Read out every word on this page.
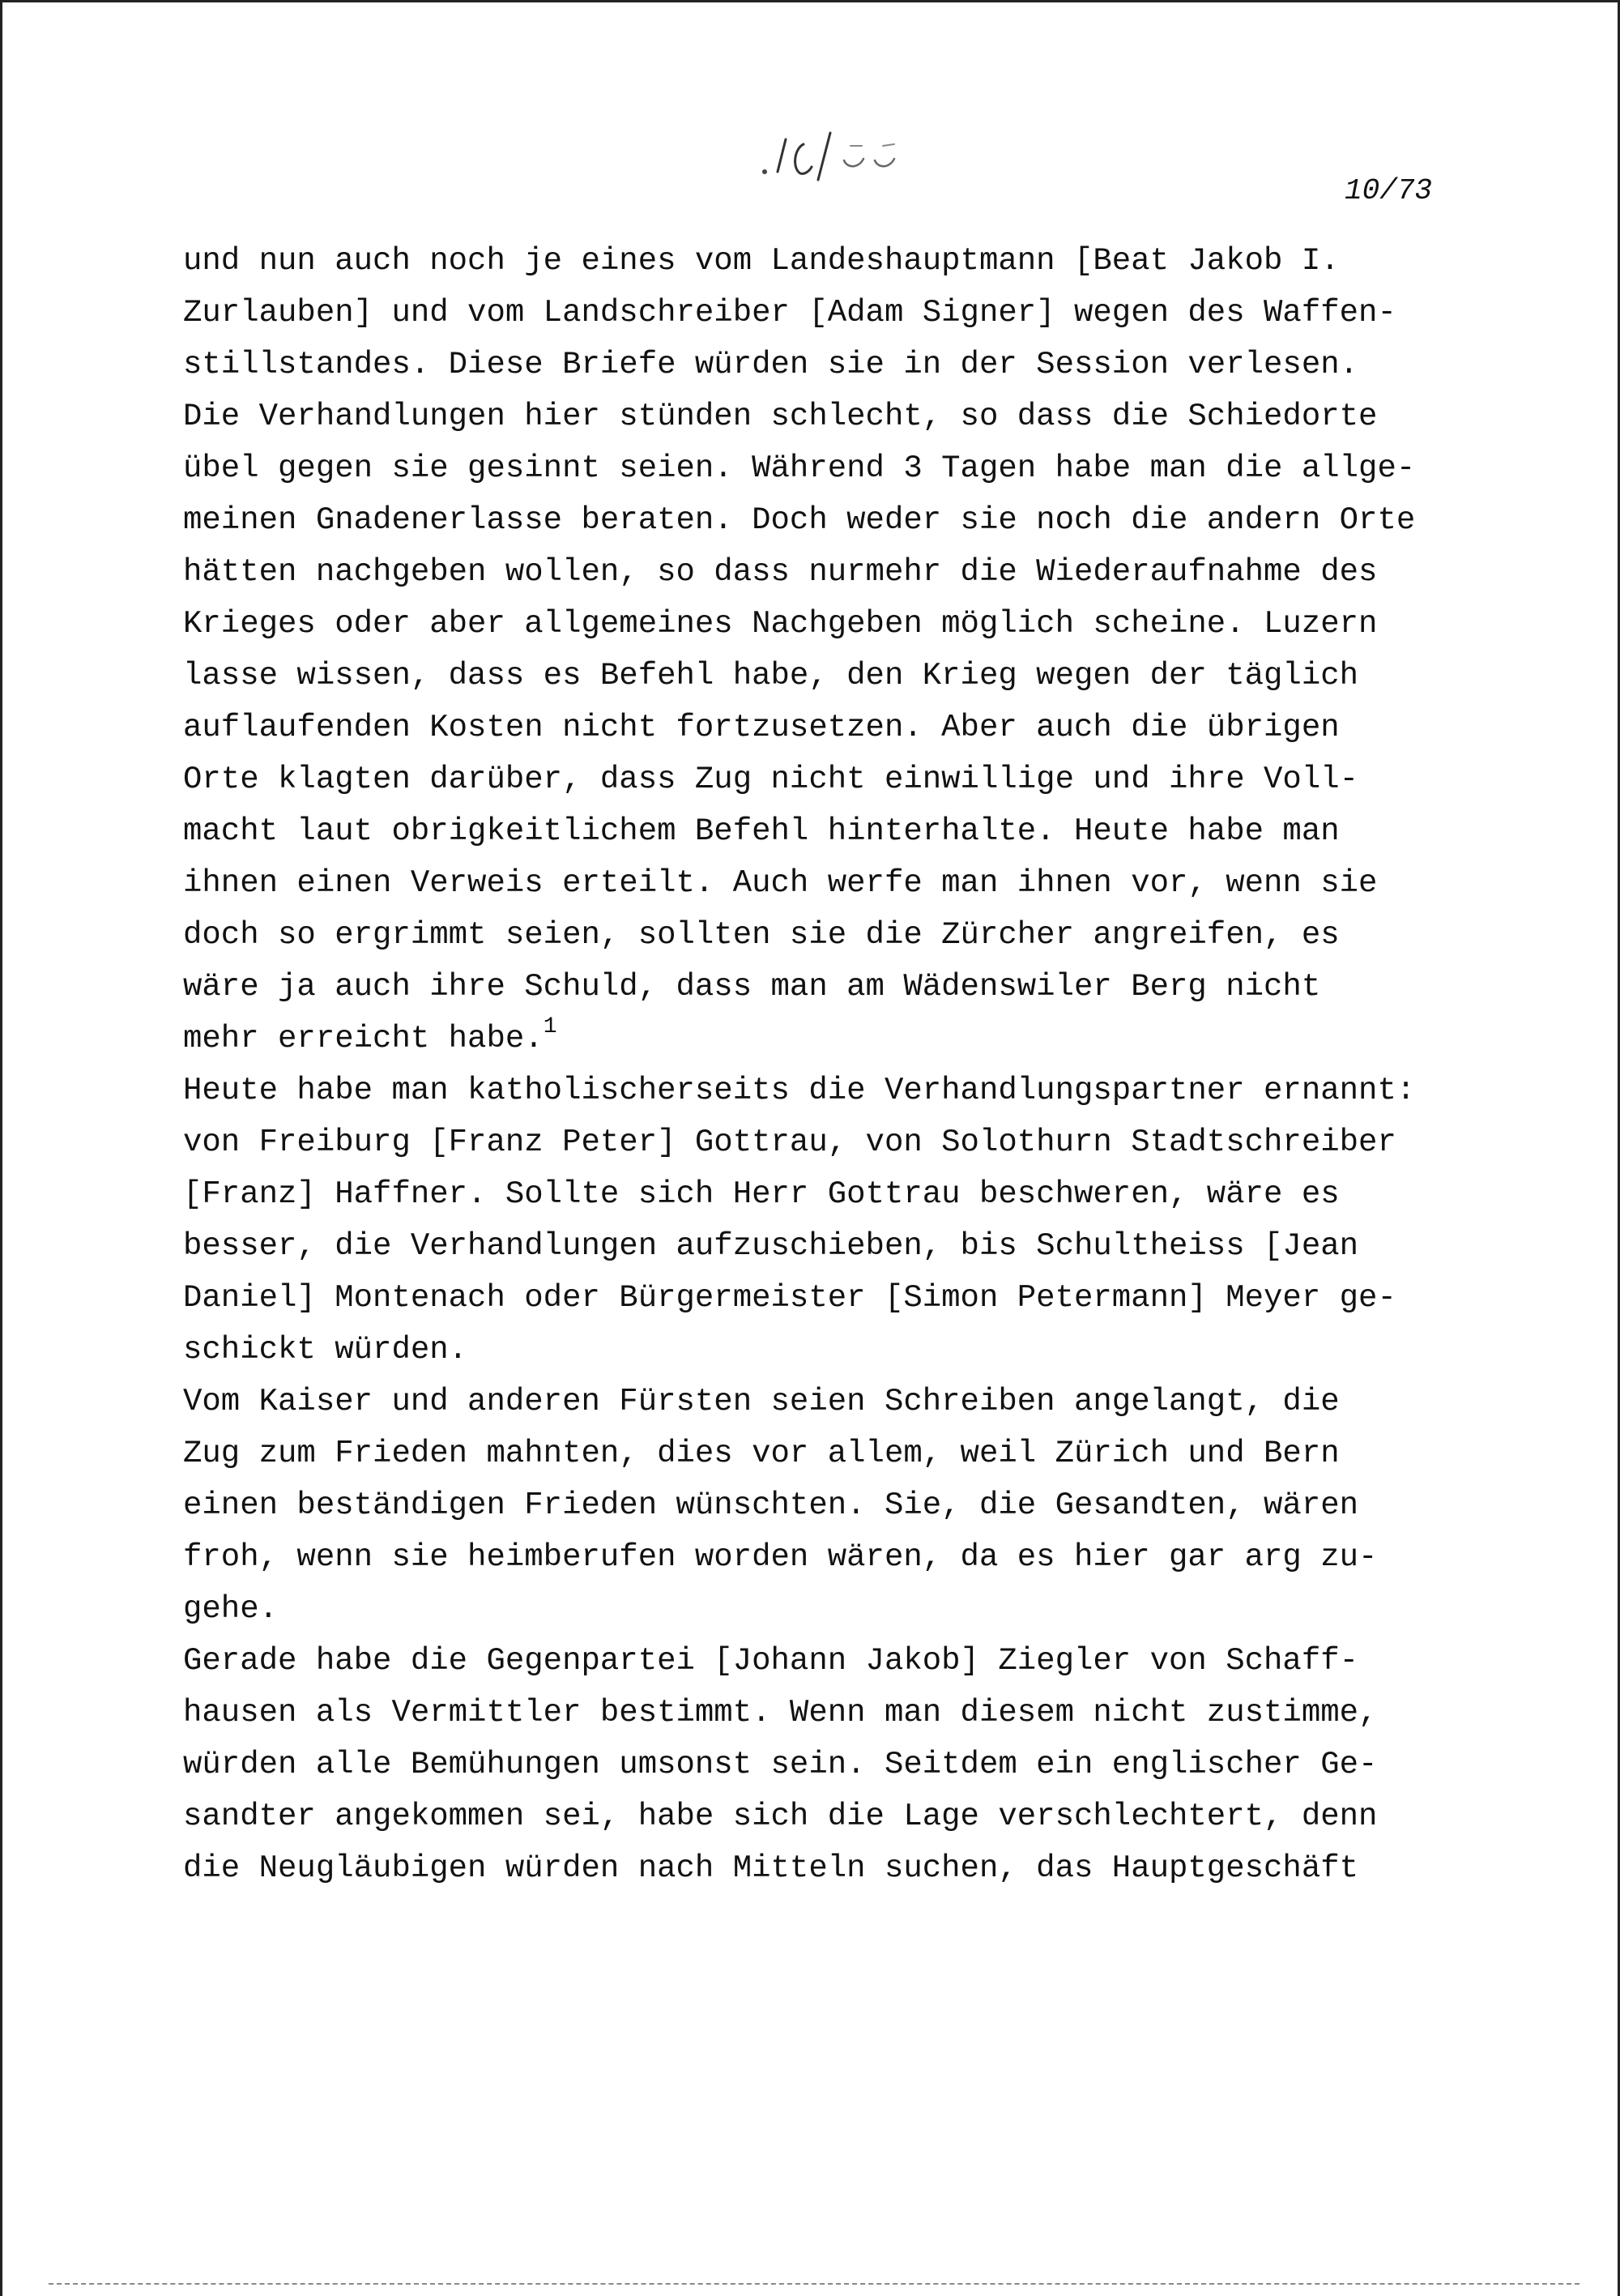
10/73

und nun auch noch je eines vom Landeshauptmann [Beat Jakob I.
Zurlauben] und vom Landschreiber [Adam Signer] wegen des Waffen-
stillstandes. Diese Briefe würden sie in der Session verlesen.
Die Verhandlungen hier stünden schlecht, so dass die Schiedorte
übel gegen sie gesinnt seien. Während 3 Tagen habe man die allge-
meinen Gnadenerlasse beraten. Doch weder sie noch die andern Orte
hätten nachgeben wollen, so dass nurmehr die Wiederaufnahme des
Krieges oder aber allgemeines Nachgeben möglich scheine. Luzern
lasse wissen, dass es Befehl habe, den Krieg wegen der täglich
auflaufenden Kosten nicht fortzusetzen. Aber auch die übrigen
Orte klagten darüber, dass Zug nicht einwillige und ihre Voll-
macht laut obrigkeitlichem Befehl hinterhalte. Heute habe man
ihnen einen Verweis erteilt. Auch werfe man ihnen vor, wenn sie
doch so ergrimmt seien, sollten sie die Zürcher angreifen, es
wäre ja auch ihre Schuld, dass man am Wädenswiler Berg nicht
mehr erreicht habe.$^1$
Heute habe man katholischerseits die Verhandlungspartner ernannt:
von Freiburg [Franz Peter] Gottrau, von Solothurn Stadtschreiber
[Franz] Haffner. Sollte sich Herr Gottrau beschweren, wäre es
besser, die Verhandlungen aufzuschieben, bis Schultheiss [Jean
Daniel] Montenach oder Bürgermeister [Simon Petermann] Meyer ge-
schickt würden.
Vom Kaiser und anderen Fürsten seien Schreiben angelangt, die
Zug zum Frieden mahnten, dies vor allem, weil Zürich und Bern
einen beständigen Frieden wünschten. Sie, die Gesandten, wären
froh, wenn sie heimberufen worden wären, da es hier gar arg zu-
gehe.
Gerade habe die Gegenpartei [Johann Jakob] Ziegler von Schaff-
hausen als Vermittler bestimmt. Wenn man diesem nicht zustimme,
würden alle Bemühungen umsonst sein. Seitdem ein englischer Ge-
sandter angekommen sei, habe sich die Lage verschlechtert, denn
die Neugläubigen würden nach Mitteln suchen, das Hauptgeschäft
